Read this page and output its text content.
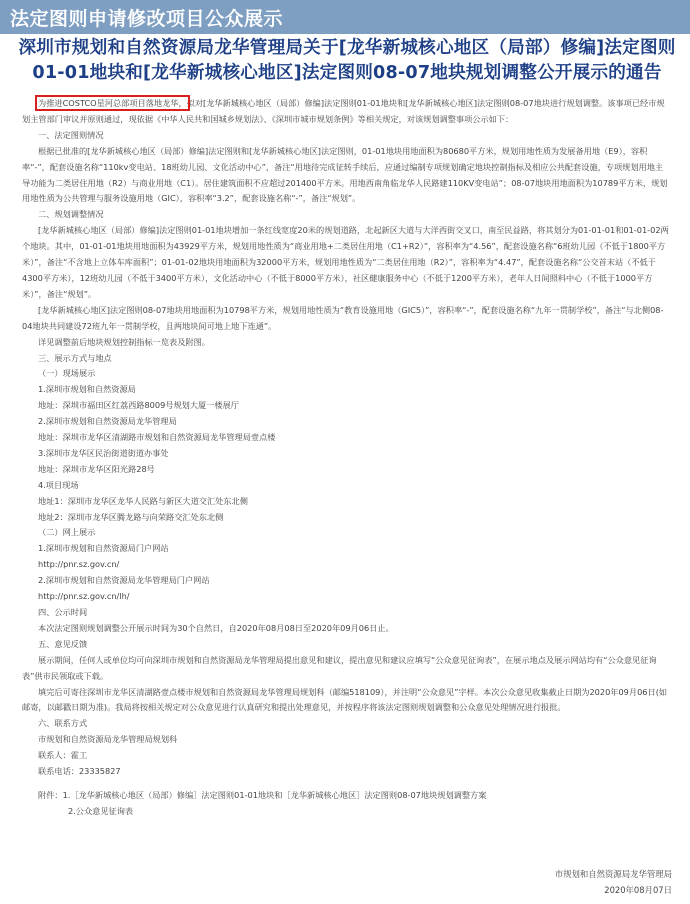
法定图则申请修改项目公众展示
深圳市规划和自然资源局龙华管理局关于[龙华新城核心地区（局部）修编]法定图则01-01地块和[龙华新城核心地区]法定图则08-07地块规划调整公开展示的通告

为推进COSTCO星河总部项目落地龙华，拟对[龙华新城核心地区（局部）修编]法定图则01-01地块和[龙华新城核心地区]法定图则08-07地块进行规划调整。该事项已经市规划主管部门审议并原则通过，现依据《中华人民共和国城乡规划法》、《深圳市城市规划条例》等相关规定，对该规划调整事项公示如下：

一、法定图则情况

根据已批准的[龙华新城核心地区（局部）修编]法定图则和[龙华新城核心地区]法定图则，01-01地块用地面积为80680平方米，规划用地性质为发展备用地（E9），容积率“-”，配套设施名称“110kv变电站、18班幼儿园、文化活动中心”，备注“用地待完成征转手续后，应通过编制专项规划确定地块控制指标及相应公共配套设施，专项规划用地主导功能为二类居住用地（R2）与商业用地（C1）。居住建筑面积不应超过201400平方米。用地西南角临龙华人民路建110KV变电站”；08-07地块用地面积为10789平方米，规划用地性质为公共管理与服务设施用地（GIC），容积率“3.2”，配套设施名称“-”，备注“规划”。

二、规划调整情况

[龙华新城核心地区（局部）修编]法定图则01-01地块增加一条红线宽度20米的规划道路，北起新区大道与大洋西街交叉口，南至民益路，将其划分为01-01-01和01-01-02两个地块。其中，01-01-01地块用地面积为43929平方米，规划用地性质为“商业用地+二类居住用地（C1+R2）”，容积率为“4.56”，配套设施名称“6班幼儿园（不低于1800平方米）”，备注“不含地上立体车库面积”；01-01-02地块用地面积为32000平方米，规划用地性质为“二类居住用地（R2）”，容积率为“4.47”，配套设施名称“公交首末站（不低于4300平方米），12班幼儿园（不低于3400平方米），文化活动中心（不低于8000平方米），社区健康服务中心（不低于1200平方米），老年人日间照料中心（不低于1000平方米）”，备注“规划”。

[龙华新城核心地区]法定图则08-07地块用地面积为10798平方米，规划用地性质为“教育设施用地（GIC5）”，容积率“-”，配套设施名称“九年一贯制学校”，备注“与北侧08-04地块共同建设72班九年一贯制学校，且两地块间可地上地下连通”。

详见调整前后地块规划控制指标一览表及附图。

三、展示方式与地点

（一）现场展示

1.深圳市规划和自然资源局

地址：深圳市福田区红荔西路8009号规划大厦一楼展厅

2.深圳市规划和自然资源局龙华管理局

地址：深圳市龙华区清湖路市规划和自然资源局龙华管理局壹点楼

3.深圳市龙华区民治街道街道办事处

地址：深圳市龙华区阳光路28号

4.项目现场

地址1：深圳市龙华区龙华人民路与新区大道交汇处东北侧

地址2：深圳市龙华区腾龙路与向荣路交汇处东北侧

（二）网上展示

1.深圳市规划和自然资源局门户网站

http://pnr.sz.gov.cn/

2.深圳市规划和自然资源局龙华管理局门户网站

http://pnr.sz.gov.cn/lh/

四、公示时间

本次法定图则规划调整公开展示时间为30个自然日，自2020年08月08日至2020年09月06日止。

五、意见反馈

展示期间，任何人或单位均可向深圳市规划和自然资源局龙华管理局提出意见和建议，提出意见和建议应填写“公众意见征询表”，在展示地点及展示网站均有“公众意见征询表”供市民领取或下载。

填完后可寄往深圳市龙华区清湖路壹点楼市规划和自然资源局龙华管理局规划科（邮编518109），并注明“公众意见”字样。本次公众意见收集截止日期为2020年09月06日(如邮寄，以邮戳日期为准)。我局将按相关规定对公众意见进行认真研究和提出处理意见，并按程序将该法定图则规划调整和公众意见处理情况进行报批。

六、联系方式

市规划和自然资源局龙华管理局规划科

联系人：霍工

联系电话：23335827

附件：1.［龙华新城核心地区（局部）修编］法定图则01-01地块和［龙华新城核心地区］法定图则08-07地块规划调整方案

2.公众意见征询表

市规划和自然资源局龙华管理局
2020年08月07日
